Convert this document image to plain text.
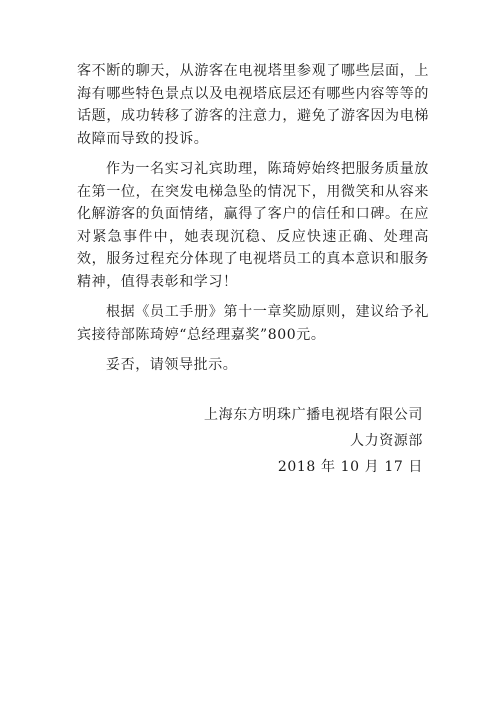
客不断的聊天，从游客在电视塔里参观了哪些层面，上海有哪些特色景点以及电视塔底层还有哪些内容等等的话题，成功转移了游客的注意力，避免了游客因为电梯故障而导致的投诉。

作为一名实习礼宾助理，陈琦婷始终把服务质量放在第一位，在突发电梯急坠的情况下，用微笑和从容来化解游客的负面情绪，赢得了客户的信任和口碑。在应对紧急事件中，她表现沉稳、反应快速正确、处理高效，服务过程充分体现了电视塔员工的真本意识和服务精神，值得表彰和学习！

根据《员工手册》第十一章奖励原则，建议给予礼宾接待部陈琦婷“总经理嘉奖”800元。

妥否，请领导批示。

上海东方明珠广播电视塔有限公司
人力资源部
2018 年 10 月 17 日
